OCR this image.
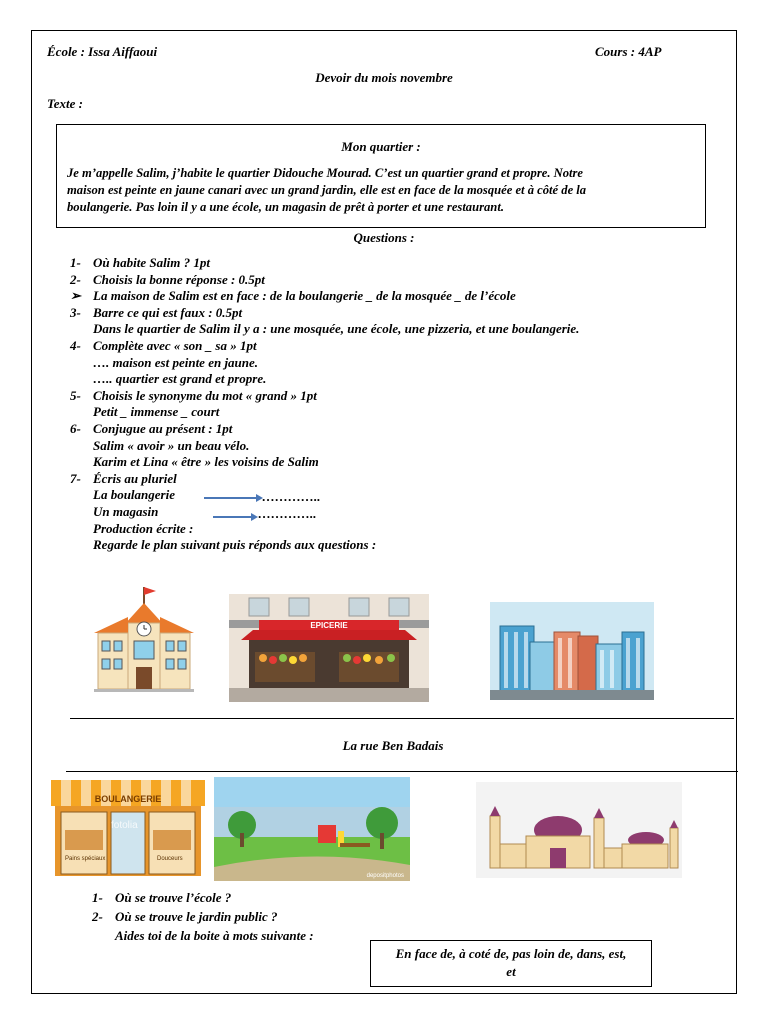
École : Issa Aiffaoui	Cours : 4AP
Devoir du mois novembre
Texte :
Mon quartier :
Je m’appelle Salim, j’habite le quartier Didouche Mourad. C’est un quartier grand et propre. Notre
maison est peinte en jaune canari avec un grand jardin, elle est en face de la mosquée et à côté de la
boulangerie. Pas loin il y a une école, un magasin de prêt à porter et une restaurant.
Questions :
1- Où habite Salim ? 1pt
2- Choisis la bonne réponse : 0.5pt
➢ La maison de Salim est en face : de la boulangerie _ de la mosquée _ de l’école
3- Barre ce qui est faux : 0.5pt
Dans le quartier de Salim il y a : une mosquée, une école, une pizzeria, et une boulangerie.
4- Complète avec « son _ sa » 1pt
…. maison est peinte en jaune.
….. quartier est grand et propre.
5- Choisis le synonyme du mot « grand » 1pt
Petit _ immense _ court
6- Conjugue au présent : 1pt
Salim « avoir » un beau vélo.
Karim et Lina « être » les voisins de Salim
7- Écris au pluriel
La boulangerie
Un magasin
Production écrite :
Regarde le plan suivant puis réponds aux questions :
…………..
…………..
EPICERIE
La rue Ben Badais
BOULANGERIE
fotolia
Pains spéciaux	Douceurs
depositphotos
1- Où se trouve l’école ?
2- Où se trouve le jardin public ?
Aides toi de la boite à mots suivante :
En face de, à coté de, pas loin de, dans, est,
et
